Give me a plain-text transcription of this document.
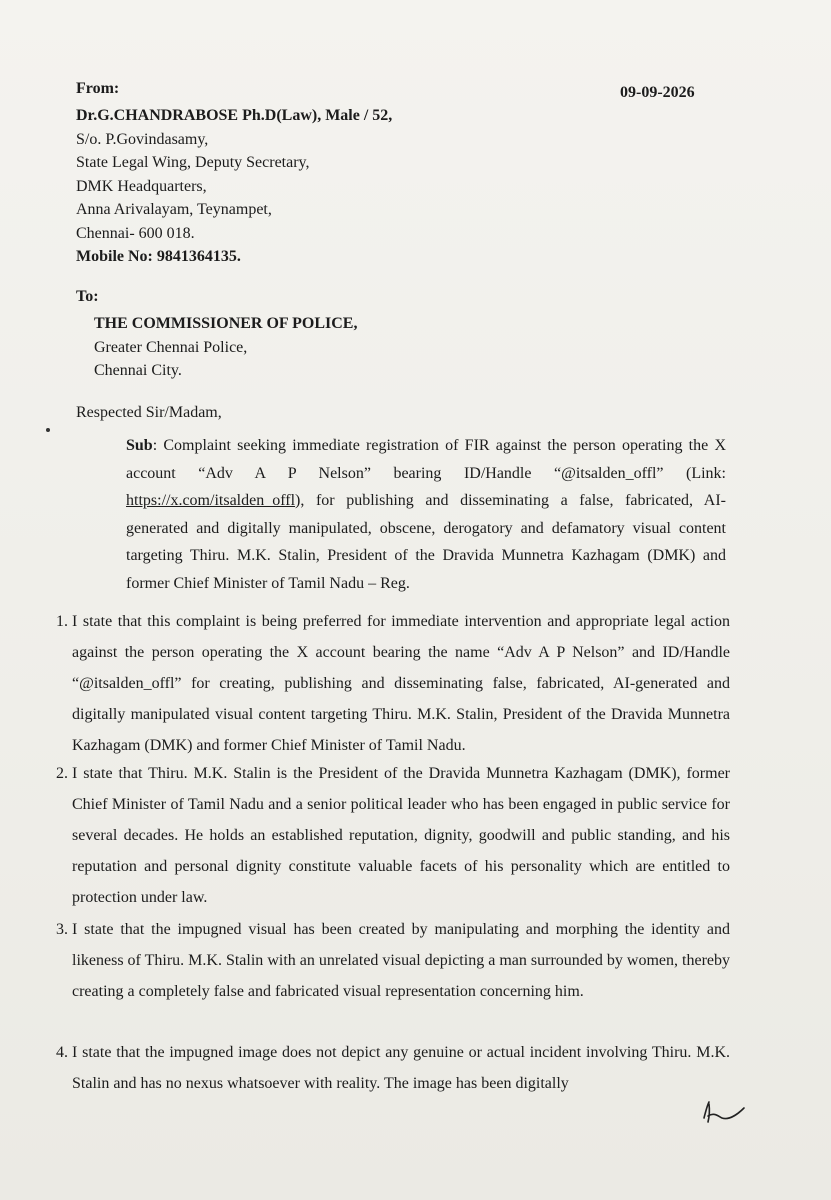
From:	09-09-2026
Dr.G.CHANDRABOSE Ph.D(Law), Male / 52,
S/o. P.Govindasamy,
State Legal Wing, Deputy Secretary,
DMK Headquarters,
Anna Arivalayam, Teynampet,
Chennai- 600 018.
Mobile No: 9841364135.
To:
THE COMMISSIONER OF POLICE,
Greater Chennai Police,
Chennai City.
Respected Sir/Madam,
Sub: Complaint seeking immediate registration of FIR against the person operating the X account “Adv A P Nelson” bearing ID/Handle “@itsalden_offl” (Link: https://x.com/itsalden_offl), for publishing and disseminating a false, fabricated, AI-generated and digitally manipulated, obscene, derogatory and defamatory visual content targeting Thiru. M.K. Stalin, President of the Dravida Munnetra Kazhagam (DMK) and former Chief Minister of Tamil Nadu – Reg.
1. I state that this complaint is being preferred for immediate intervention and appropriate legal action against the person operating the X account bearing the name “Adv A P Nelson” and ID/Handle “@itsalden_offl” for creating, publishing and disseminating false, fabricated, AI-generated and digitally manipulated visual content targeting Thiru. M.K. Stalin, President of the Dravida Munnetra Kazhagam (DMK) and former Chief Minister of Tamil Nadu.
2. I state that Thiru. M.K. Stalin is the President of the Dravida Munnetra Kazhagam (DMK), former Chief Minister of Tamil Nadu and a senior political leader who has been engaged in public service for several decades. He holds an established reputation, dignity, goodwill and public standing, and his reputation and personal dignity constitute valuable facets of his personality which are entitled to protection under law.
3. I state that the impugned visual has been created by manipulating and morphing the identity and likeness of Thiru. M.K. Stalin with an unrelated visual depicting a man surrounded by women, thereby creating a completely false and fabricated visual representation concerning him.
4. I state that the impugned image does not depict any genuine or actual incident involving Thiru. M.K. Stalin and has no nexus whatsoever with reality. The image has been digitally
